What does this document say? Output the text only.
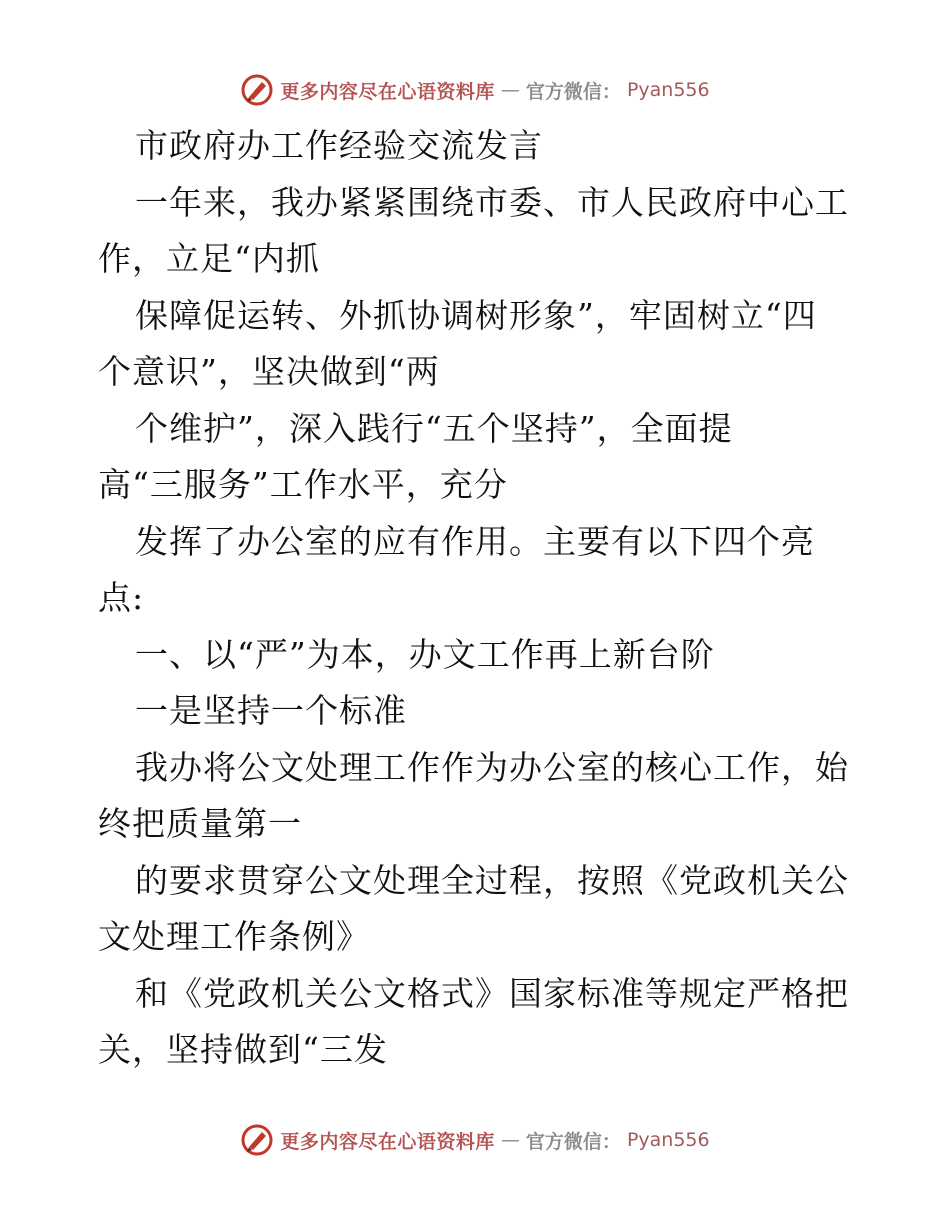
更多内容尽在心语资料库 — 官方微信： Pyan556
市政府办工作经验交流发言
一年来，我办紧紧围绕市委、市人民政府中心工
作，立足“内抓
保障促运转、外抓协调树形象”，牢固树立“四
个意识”，坚决做到“两
个维护”，深入践行“五个坚持”，全面提
高“三服务”工作水平，充分
发挥了办公室的应有作用。主要有以下四个亮
点:
一、以“严”为本，办文工作再上新台阶
一是坚持一个标准
我办将公文处理工作作为办公室的核心工作，始
终把质量第一
的要求贯穿公文处理全过程，按照《党政机关公
文处理工作条例》
和《党政机关公文格式》国家标准等规定严格把
关，坚持做到“三发
更多内容尽在心语资料库 — 官方微信： Pyan556
